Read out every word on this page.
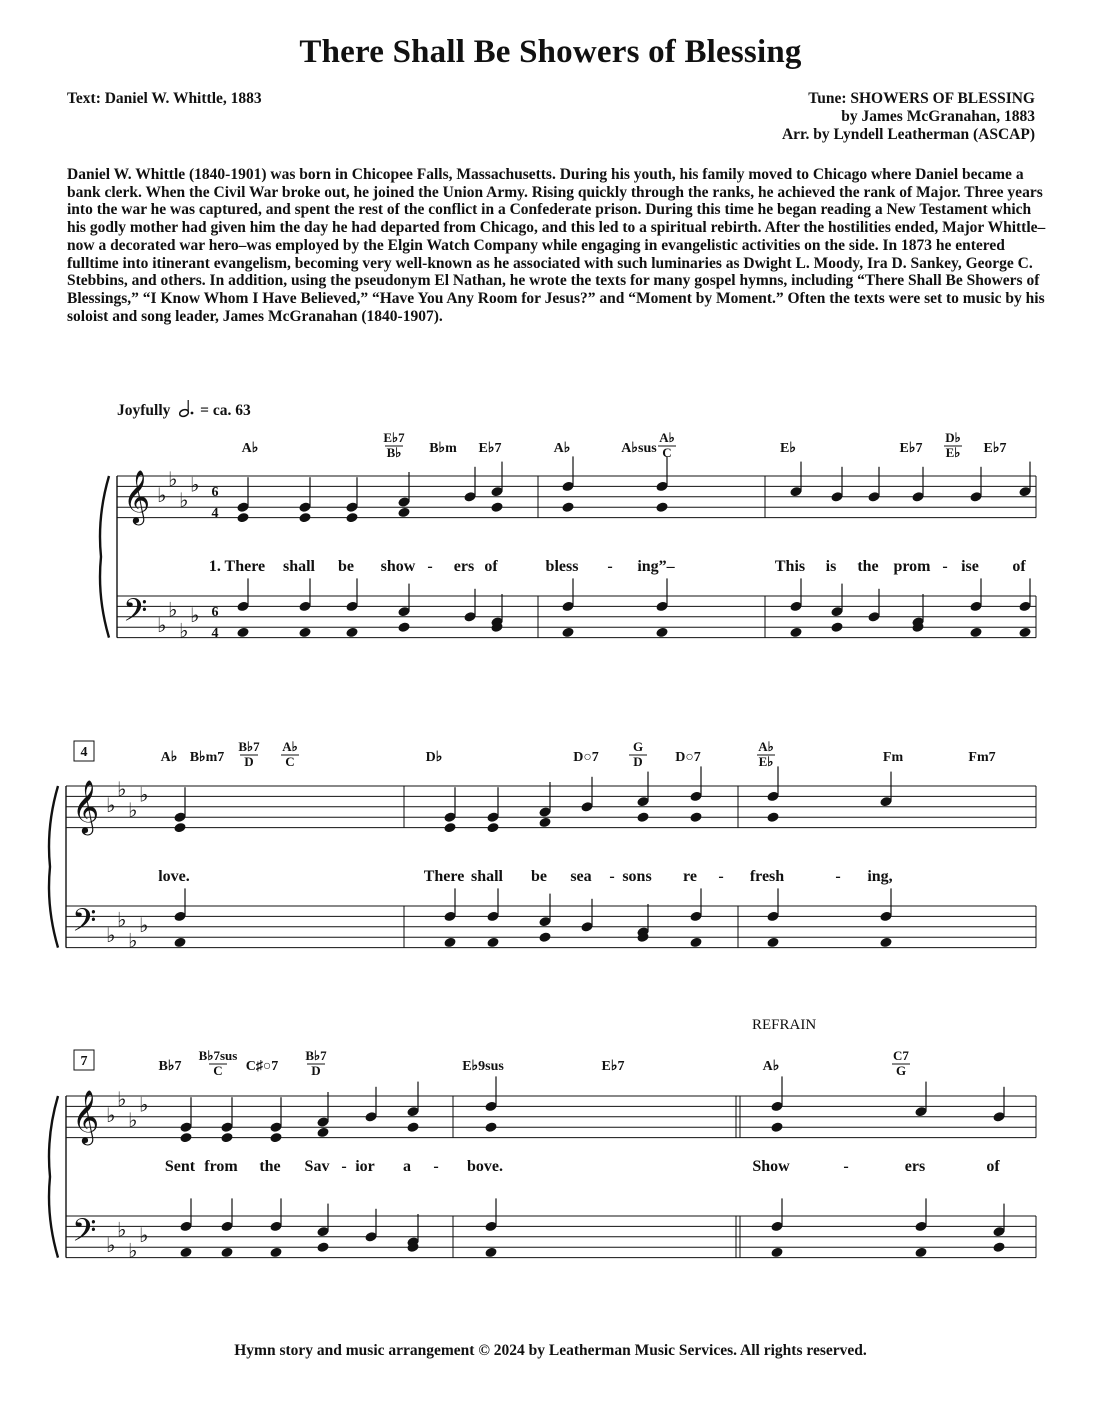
There Shall Be Showers of Blessing
Text: Daniel W. Whittle, 1883	Tune: SHOWERS OF BLESSING
by James McGranahan, 1883
Arr. by Lyndell Leatherman (ASCAP)
Daniel W. Whittle (1840-1901) was born in Chicopee Falls, Massachusetts. During his youth, his family moved to Chicago where Daniel became a bank clerk. When the Civil War broke out, he joined the Union Army. Rising quickly through the ranks, he achieved the rank of Major. Three years into the war he was captured, and spent the rest of the conflict in a Confederate prison. During this time he began reading a New Testament which his godly mother had given him the day he had departed from Chicago, and this led to a spiritual rebirth. After the hostilities ended, Major Whittle–now a decorated war hero–was employed by the Elgin Watch Company while engaging in evangelistic activities on the side. In 1873 he entered fulltime into itinerant evangelism, becoming very well-known as he associated with such luminaries as Dwight L. Moody, Ira D. Sankey, George C. Stebbins, and others. In addition, using the pseudonym El Nathan, he wrote the texts for many gospel hymns, including “There Shall Be Showers of Blessings,” “I Know Whom I Have Believed,” “Have You Any Room for Jesus?” and “Moment by Moment.” Often the texts were set to music by his soloist and song leader, James McGranahan (1840-1907).
Joyfully = ca. 63
REFRAIN
𝄞
𝄢
♭
♭
♭
♭
♭
♭
♭
♭
6
4
6
4
A♭
E♭7
B♭ B♭m E♭7	A♭	A♭sus
A♭
C	E♭	E♭7
D♭
E♭ E♭7
1. There shall be show - ers of	bless - ing”–	This is the prom - ise of
𝄞
𝄢
♭
♭
♭
♭
♭
♭
♭
♭
4	A♭ B♭m7
B♭7
D
A♭
C	D♭	D○7
G
D D○7
A♭
E♭	Fm	Fm7
love.	There shall be sea - sons re - fresh	- ing,
𝄞
𝄢
♭
♭
♭
♭
♭
♭
♭
♭
7	B♭7
B♭7sus
C C♯○7
B♭7
D	E♭9sus	E♭7	A♭
C7
G
Sent from the Sav - ior a - bove.	Show	-	ers	of
Hymn story and music arrangement © 2024 by Leatherman Music Services. All rights reserved.
